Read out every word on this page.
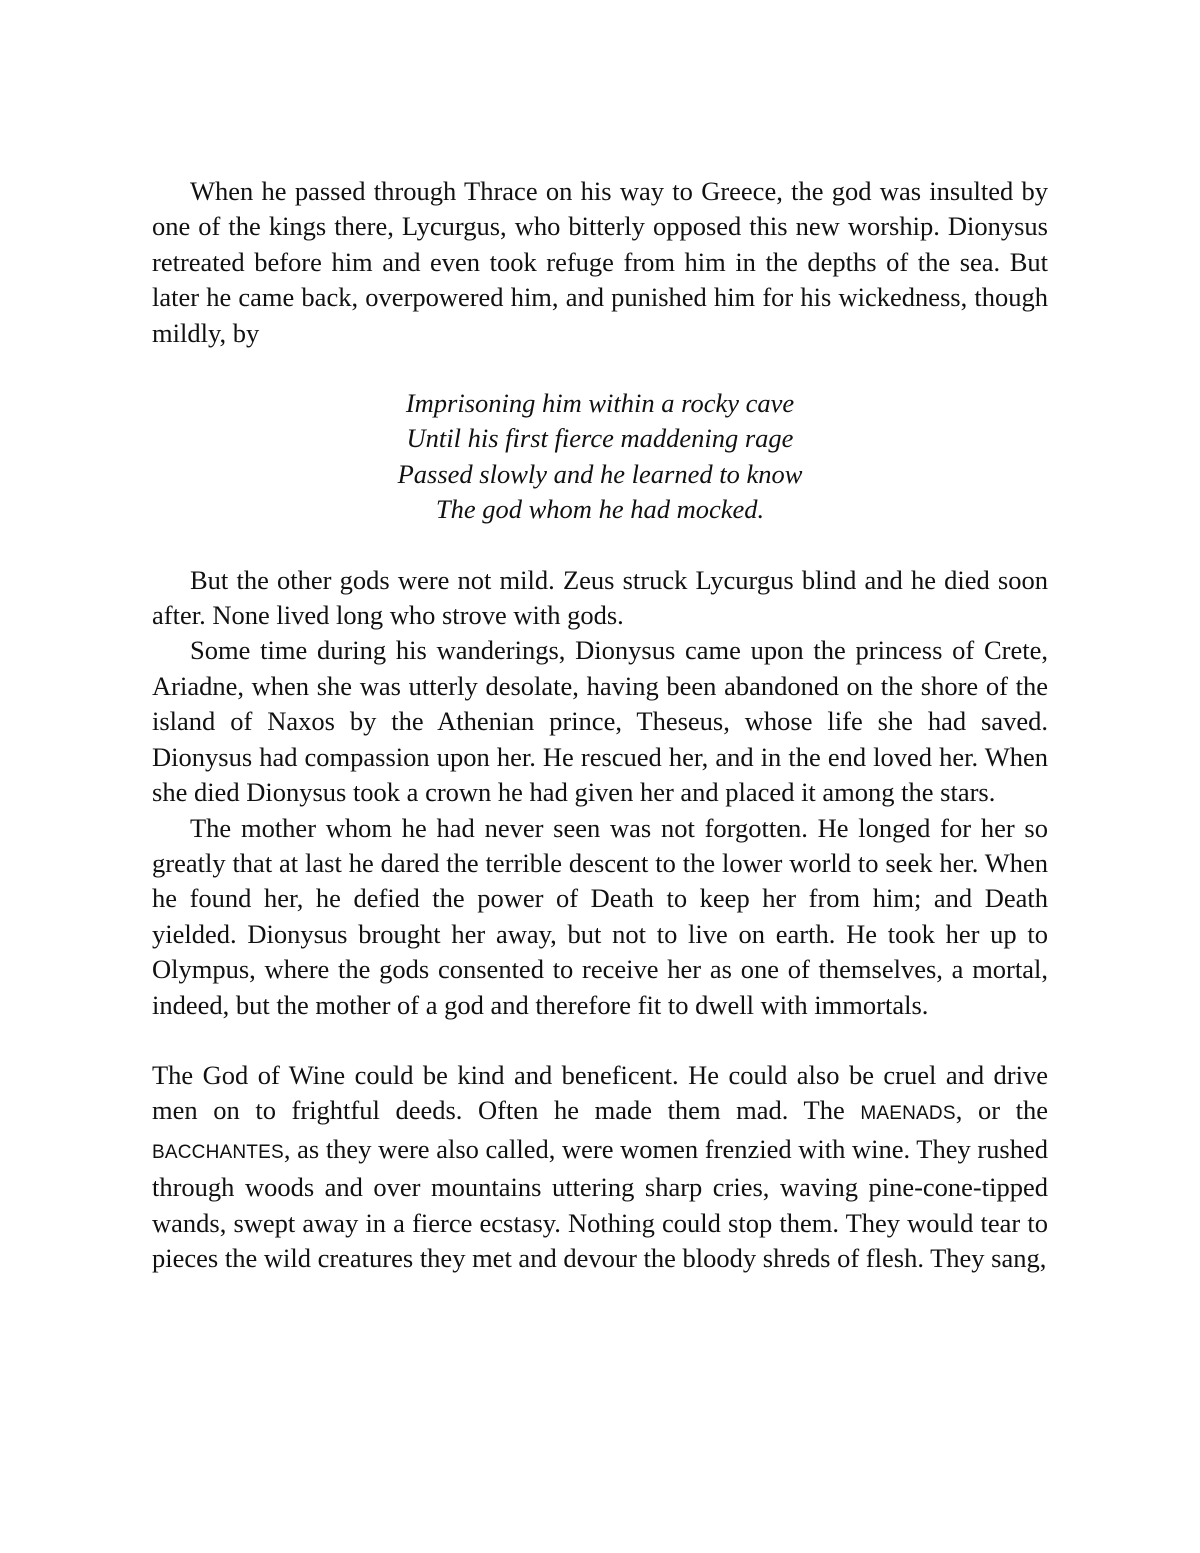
When he passed through Thrace on his way to Greece, the god was insulted by one of the kings there, Lycurgus, who bitterly opposed this new worship. Dionysus retreated before him and even took refuge from him in the depths of the sea. But later he came back, overpowered him, and punished him for his wickedness, though mildly, by

Imprisoning him within a rocky cave
Until his first fierce maddening rage
Passed slowly and he learned to know
The god whom he had mocked.

But the other gods were not mild. Zeus struck Lycurgus blind and he died soon after. None lived long who strove with gods.

Some time during his wanderings, Dionysus came upon the princess of Crete, Ariadne, when she was utterly desolate, having been abandoned on the shore of the island of Naxos by the Athenian prince, Theseus, whose life she had saved. Dionysus had compassion upon her. He rescued her, and in the end loved her. When she died Dionysus took a crown he had given her and placed it among the stars.

The mother whom he had never seen was not forgotten. He longed for her so greatly that at last he dared the terrible descent to the lower world to seek her. When he found her, he defied the power of Death to keep her from him; and Death yielded. Dionysus brought her away, but not to live on earth. He took her up to Olympus, where the gods consented to receive her as one of themselves, a mortal, indeed, but the mother of a god and therefore fit to dwell with immortals.

The God of Wine could be kind and beneficent. He could also be cruel and drive men on to frightful deeds. Often he made them mad. The MAENADS, or the BACCHANTES, as they were also called, were women frenzied with wine. They rushed through woods and over mountains uttering sharp cries, waving pine-cone-tipped wands, swept away in a fierce ecstasy. Nothing could stop them. They would tear to pieces the wild creatures they met and devour the bloody shreds of flesh. They sang,
